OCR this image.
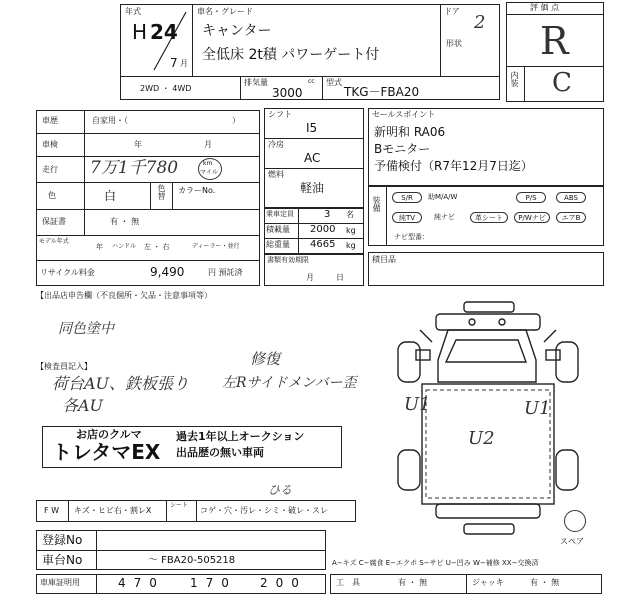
年式
H 24
7 月
車名・グレード
キャンター
全低床 2t積 パワーゲート付
ドア
2
形状
2WD ・ 4WD
排気量	cc
3000
型式
TKG－FBA20
評 価 点
R
内装 C
車歴	自家用・（	）
車検	年	月
走行 7万1千780	km
マイル
色	白	色替 カラーNo.
保証書	有 ・ 無
モデル年式
年 ハンドル 左 ・ 右	ディーラー・並行
リサイクル料金	9,490	円 預託済
【出品店申告欄（不良個所・欠品・注意事項等）
シフト
I5
冷房
AC
燃料
軽油
乗車定員	3 名
積載量 2000 kg
総重量 4665 kg
書類有効期限
月	日
セールスポイント
新明和 RA06
Bモニター
予備検付（R7年12月7日迄）
装備	S/R	助M/A/W	P/S	ABS
純TV	純ナビ	革シート	P/Wナビ	エアB
ナビ型番：
積目品
同色塗中
【検査員記入】	修復
荷台AU、鉄板張り 左Rサイドメンバー歪
各AU
お店のクルマ
トレタマEX
過去1年以上オークション
出品歴の無い車両
U1	U1
U2
スペア
F W キズ・ヒビ右・割レX
シート
コゲ・穴・汚レ・シミ・破レ・スレ
ひる
登録No
車台No	～ FBA20-505218
車庫証明用	470 170 200
A−キズ C−腐食 E−エクボ S−サビ U−凹み W−補修 XX−交換済
工　具	有 ・ 無	ジャッキ	有 ・ 無
